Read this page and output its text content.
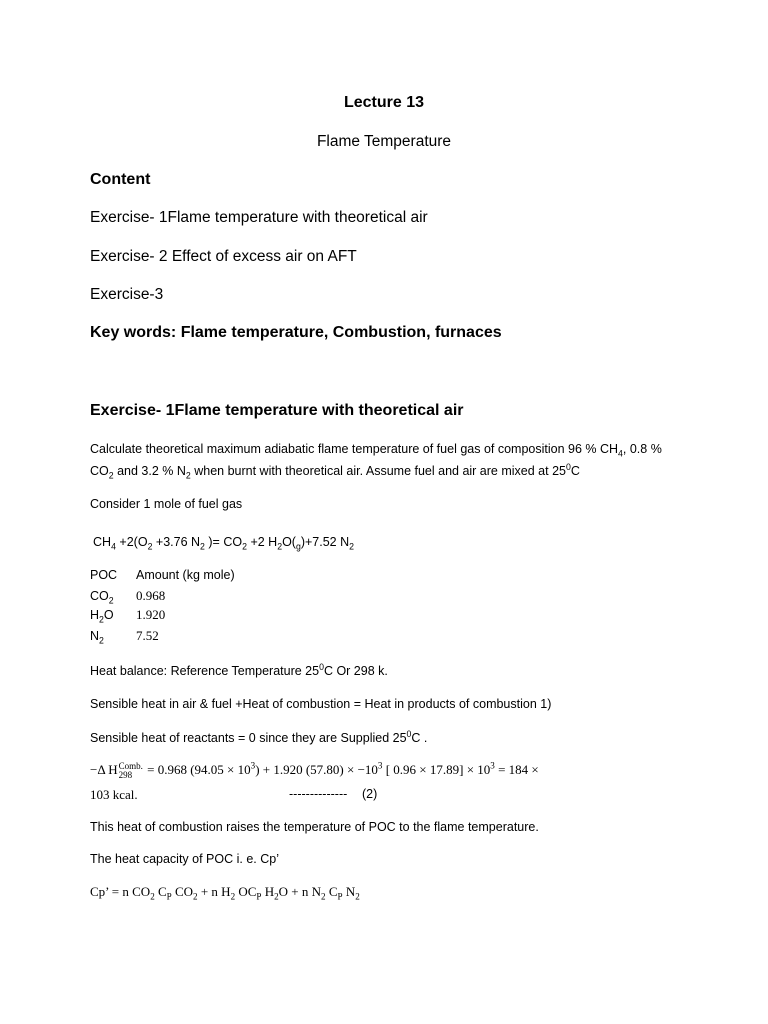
Lecture 13
Flame Temperature
Content
Exercise- 1Flame temperature with theoretical air
Exercise- 2 Effect of excess air on AFT
Exercise-3
Key words: Flame temperature, Combustion, furnaces
Exercise- 1Flame temperature with theoretical air
Calculate theoretical maximum adiabatic flame temperature of fuel gas of composition 96 % $CH_4$, 0.8 %
$CO_2$ and 3.2 % $N_2$ when burnt with theoretical air. Assume fuel and air are mixed at $25^0C$
Consider 1 mole of fuel gas
$CH_4 +2(O_2 +3.76$ $N_2$ )= $CO_2 +2$ $H_2O(_g)+7.52$ $N_2$
POC Amount (kg mole)
$CO_2$ 0.968
$H_2O$ 1.920
$N_2$ 7.52
Heat balance: Reference Temperature $25^0C$ Or 298 k.
Sensible heat in air & fuel +Heat of combustion = Heat in products of combustion 1)
Sensible heat of reactants = 0 since they are Supplied $25^0C$ .
−Δ H Comb.
298 = 0.968 $(94.05 \times 10^3) + 1.920$ $(57.80) \times -10^3$ [ $0.96 \times 17.89] \times 10^3 = 184$ ×
103 kcal.	-------------- (2)
This heat of combustion raises the temperature of POC to the flame temperature.
The heat capacity of POC i. e. Cp’
Cp’ = n $CO_2$ $C_P$ $CO_2 + n$ $H_2$ $OC_P$ $H_2O + n$ $N_2$ $C_P$ $N_2$
